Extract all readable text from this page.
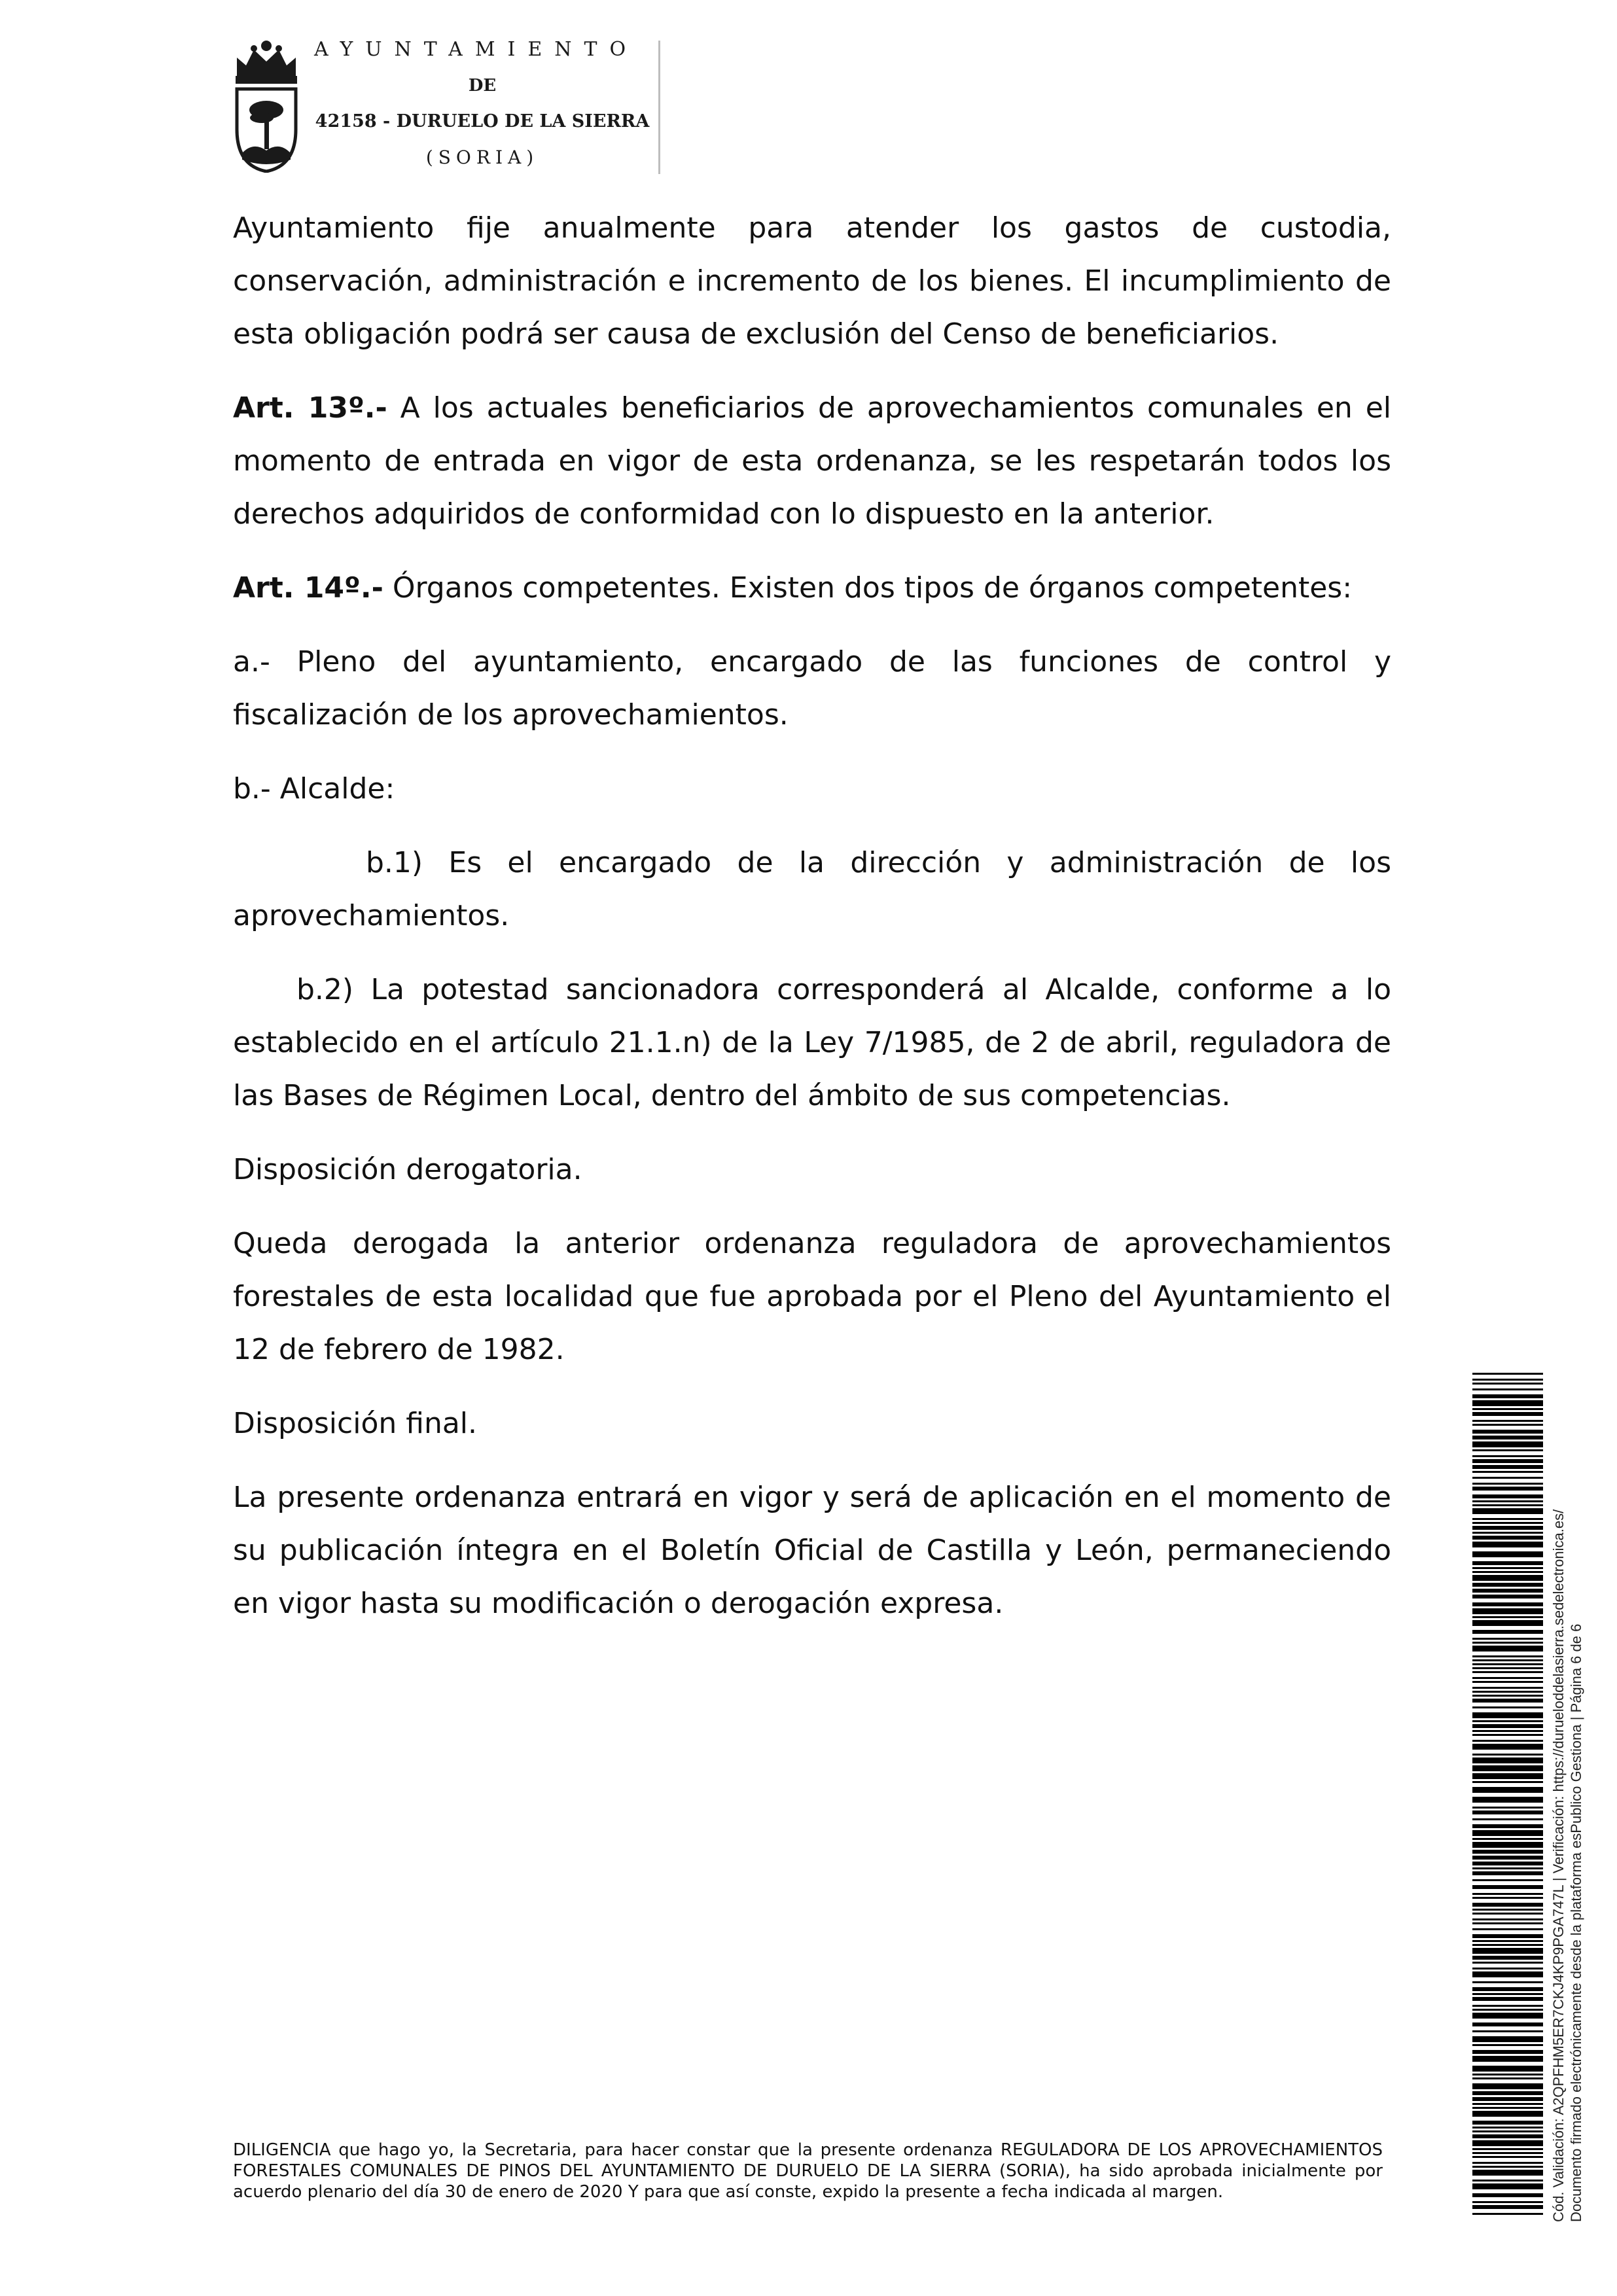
AYUNTAMIENTO
DE
42158 - DURUELO DE LA SIERRA
(SORIA)

Ayuntamiento fije anualmente para atender los gastos de custodia, conservación, administración e incremento de los bienes. El incumplimiento de esta obligación podrá ser causa de exclusión del Censo de beneficiarios.

Art. 13º.- A los actuales beneficiarios de aprovechamientos comunales en el momento de entrada en vigor de esta ordenanza, se les respetarán todos los derechos adquiridos de conformidad con lo dispuesto en la anterior.

Art. 14º.- Órganos competentes. Existen dos tipos de órganos competentes:

a.- Pleno del ayuntamiento, encargado de las funciones de control y fiscalización de los aprovechamientos.

b.- Alcalde:

b.1) Es el encargado de la dirección y administración de los aprovechamientos.

b.2) La potestad sancionadora corresponderá al Alcalde, conforme a lo establecido en el artículo 21.1.n) de la Ley 7/1985, de 2 de abril, reguladora de las Bases de Régimen Local, dentro del ámbito de sus competencias.

Disposición derogatoria.

Queda derogada la anterior ordenanza reguladora de aprovechamientos forestales de esta localidad que fue aprobada por el Pleno del Ayuntamiento el 12 de febrero de 1982.

Disposición final.

La presente ordenanza entrará en vigor y será de aplicación en el momento de su publicación íntegra en el Boletín Oficial de Castilla y León, permaneciendo en vigor hasta su modificación o derogación expresa.

DILIGENCIA que hago yo, la Secretaria, para hacer constar que la presente ordenanza REGULADORA DE LOS APROVECHAMIENTOS FORESTALES COMUNALES DE PINOS DEL AYUNTAMIENTO DE DURUELO DE LA SIERRA (SORIA), ha sido aprobada inicialmente por acuerdo plenario del día 30 de enero de 2020 Y para que así conste, expido la presente a fecha indicada al margen.	Cód. Validación: A2QPFHM5ER7CKJ4KP9PGA747L | Verificación: https://durueloddelasierra.sedelectronica.es/ Documento firmado electrónicamente desde la plataforma esPublico Gestiona | Página 6 de 6
